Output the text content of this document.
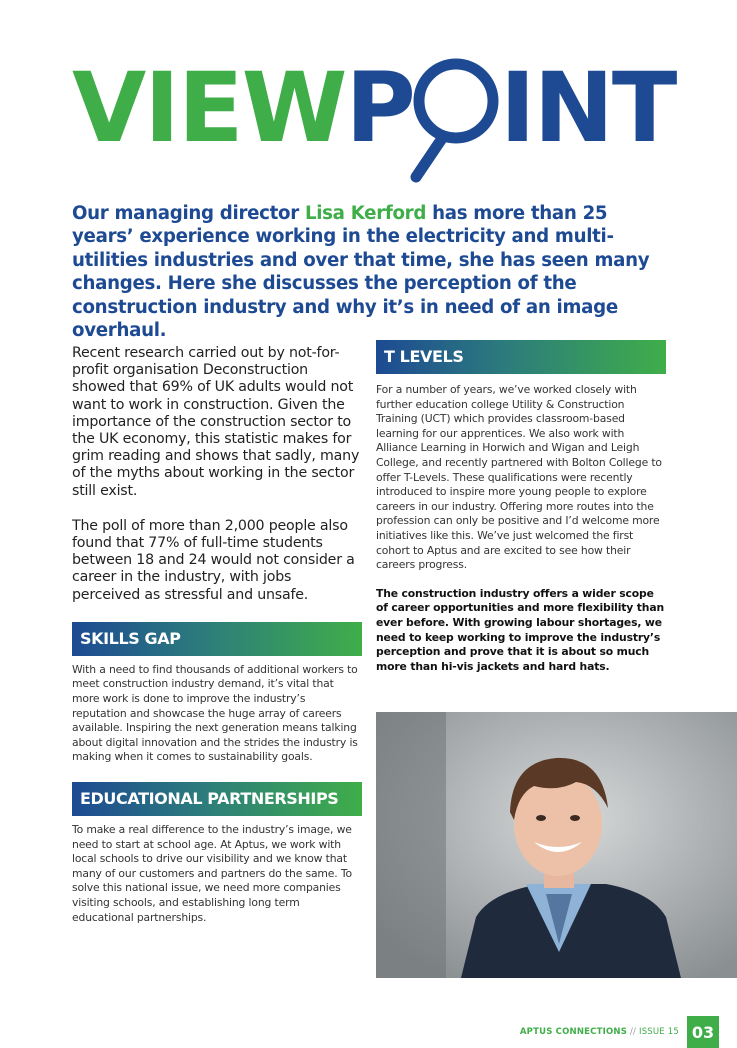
VIEWP INT
Our managing director Lisa Kerford has more than 25 years’ experience working in the electricity and multi-utilities industries and over that time, she has seen many changes. Here she discusses the perception of the construction industry and why it’s in need of an image overhaul.

Recent research carried out by not-for-profit organisation Deconstruction showed that 69% of UK adults would not want to work in construction. Given the importance of the construction sector to the UK economy, this statistic makes for grim reading and shows that sadly, many of the myths about working in the sector still exist.

The poll of more than 2,000 people also found that 77% of full-time students between 18 and 24 would not consider a career in the industry, with jobs perceived as stressful and unsafe.

SKILLS GAP

With a need to find thousands of additional workers to meet construction industry demand, it’s vital that more work is done to improve the industry’s reputation and showcase the huge array of careers available. Inspiring the next generation means talking about digital innovation and the strides the industry is making when it comes to sustainability goals.

EDUCATIONAL PARTNERSHIPS

To make a real difference to the industry’s image, we need to start at school age. At Aptus, we work with local schools to drive our visibility and we know that many of our customers and partners do the same. To solve this national issue, we need more companies visiting schools, and establishing long term educational partnerships.

T LEVELS

For a number of years, we’ve worked closely with further education college Utility & Construction Training (UCT) which provides classroom-based learning for our apprentices. We also work with Alliance Learning in Horwich and Wigan and Leigh College, and recently partnered with Bolton College to offer T-Levels. These qualifications were recently introduced to inspire more young people to explore careers in our industry. Offering more routes into the profession can only be positive and I’d welcome more initiatives like this. We’ve just welcomed the first cohort to Aptus and are excited to see how their careers progress.

The construction industry offers a wider scope of career opportunities and more flexibility than ever before. With growing labour shortages, we need to keep working to improve the industry’s perception and prove that it is about so much more than hi-vis jackets and hard hats.

APTUS CONNECTIONS // ISSUE 15 03
